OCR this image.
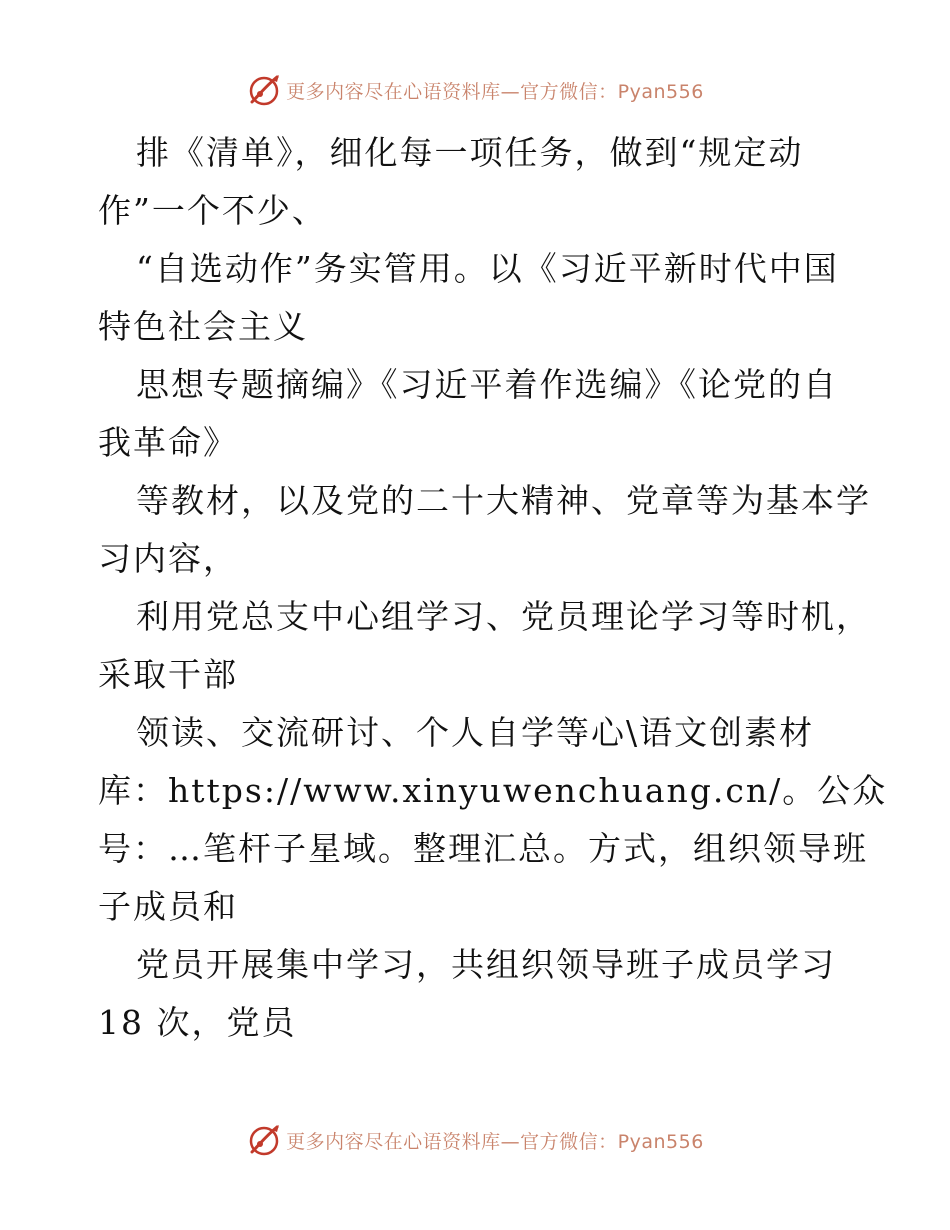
更多内容尽在心语资料库—官方微信：Pyan556
排《清单》，细化每一项任务，做到“规定动
作”一个不少、
“自选动作”务实管用。以《习近平新时代中国
特色社会主义
思想专题摘编》《习近平着作选编》《论党的自
我革命》
等教材，以及党的二十大精神、党章等为基本学
习内容，
利用党总支中心组学习、党员理论学习等时机，
采取干部
领读、交流研讨、个人自学等心\语文创素材
库：https://www.xinyuwenchuang.cn/。公众
号：…笔杆子星域。整理汇总。方式，组织领导班
子成员和
党员开展集中学习，共组织领导班子成员学习
18 次，党员
更多内容尽在心语资料库—官方微信：Pyan556
